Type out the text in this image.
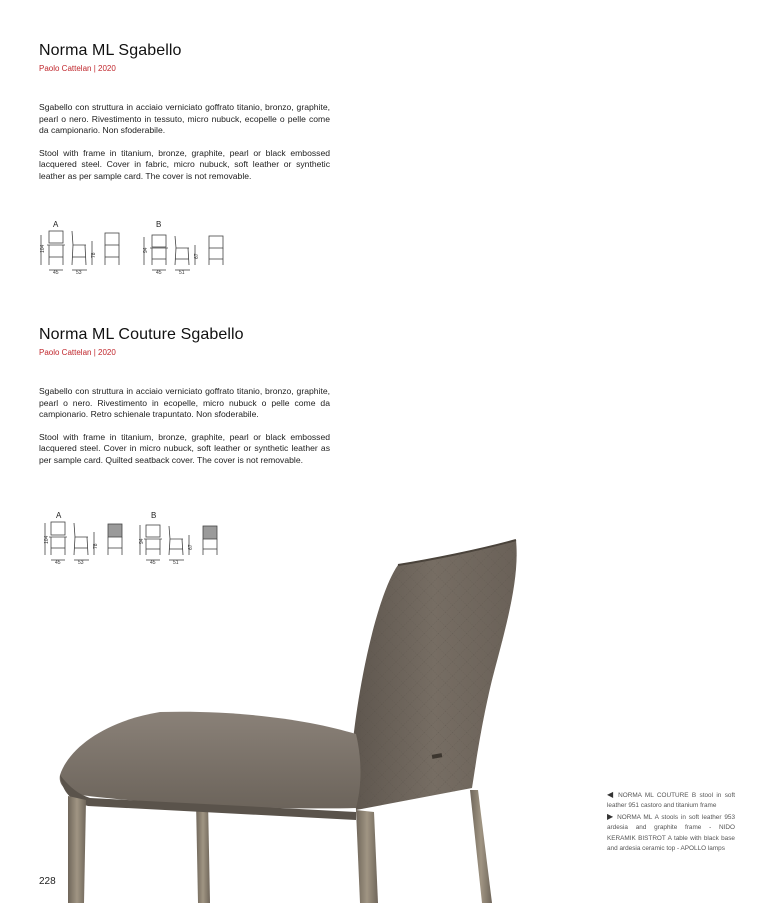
Norma ML Sgabello
Paolo Cattelan | 2020

Sgabello con struttura in acciaio verniciato goffrato titanio, bronzo, graphite, pearl o nero. Rivestimento in tessuto, micro nubuck, ecopelle o pelle come da campionario. Non sfoderabile.

Stool with frame in titanium, bronze, graphite, pearl or black embossed lacquered steel. Cover in fabric, micro nubuck, soft leather or synthetic leather as per sample card. The cover is not removable.

A	B
104
45	53
78
94
45	51
67
Norma ML Couture Sgabello
Paolo Cattelan | 2020

Sgabello con struttura in acciaio verniciato goffrato titanio, bronzo, graphite, pearl o nero. Rivestimento in ecopelle, micro nubuck o pelle come da campionario. Retro schienale trapuntato. Non sfoderabile.

Stool with frame in titanium, bronze, graphite, pearl or black embossed lacquered steel. Cover in micro nubuck, soft leather or synthetic leather as per sample card. Quilted seatback cover. The cover is not removable.

A	B
104
45	53
78
94
45	51
67
228
◀ NORMA ML COUTURE B stool in soft leather 951 castoro and titanium frame
▶ NORMA ML A stools in soft leather 953 ardesia and graphite frame - NIDO KERAMIK BISTROT A table with black base and ardesia ceramic top - APOLLO lamps
